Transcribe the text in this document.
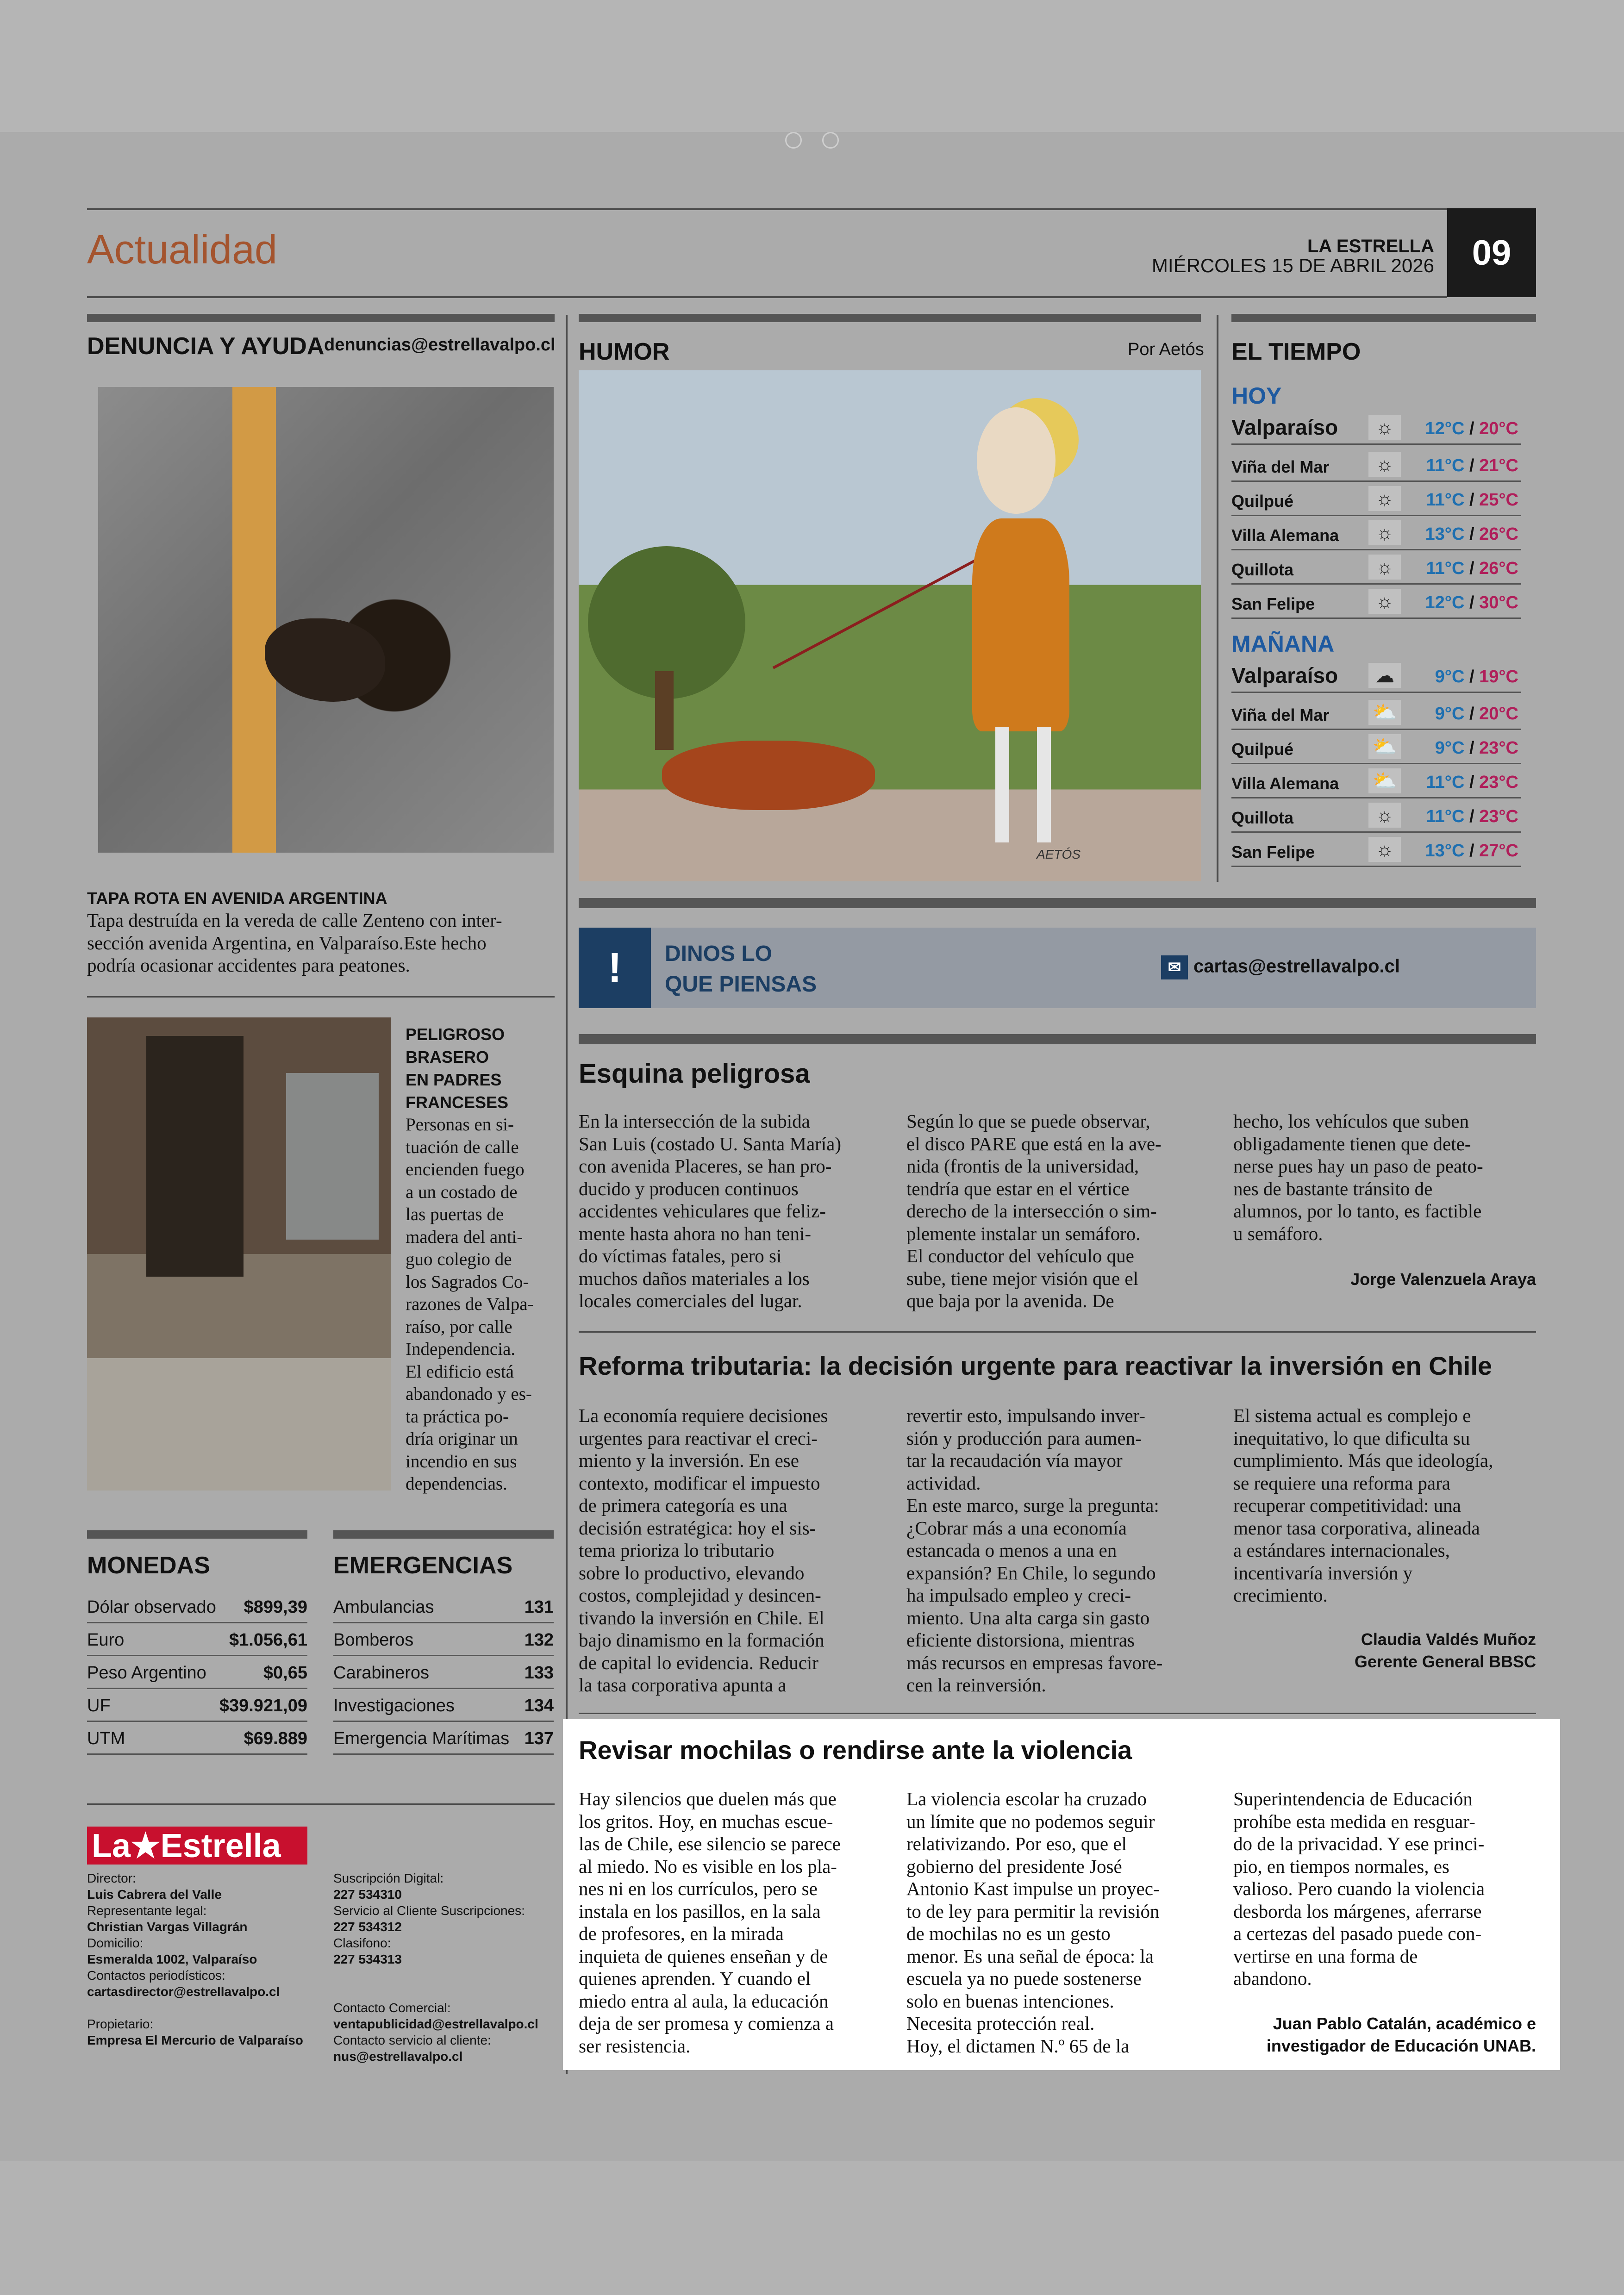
Actualidad	LA ESTRELLA
MIÉRCOLES 15 DE ABRIL 2026	09
DENUNCIA Y AYUDA denuncias@estrellavalpo.cl
TAPA ROTA EN AVENIDA ARGENTINA
Tapa destruída en la vereda de calle Zenteno con inter-
sección avenida Argentina, en Valparaíso.Este hecho
podría ocasionar accidentes para peatones.
PELIGROSO
BRASERO
EN PADRES
FRANCESES
Personas en si-
tuación de calle
encienden fuego
a un costado de
las puertas de
madera del anti-
guo colegio de
los Sagrados Co-
razones de Valpa-
raíso, por calle
Independencia.
El edificio está
abandonado y es-
ta práctica po-
dría originar un
incendio en sus
dependencias.
HUMOR	Por Aetós
AETÓS
EL TIEMPO
HOY
MAÑANA
Valparaíso	☼	12°C / 20°C
Viña del Mar	☼	11°C / 21°C
Quilpué	☼	11°C / 25°C
Villa Alemana	☼	13°C / 26°C
Quillota	☼	11°C / 26°C
San Felipe	☼	12°C / 30°C
Valparaíso	☁	9°C / 19°C
Viña del Mar ⛅ 9°C / 20°C
Quilpué	⛅ 9°C / 23°C
Villa Alemana ⛅ 11°C / 23°C
Quillota	☼	11°C / 23°C
San Felipe	☼	13°C / 27°C
!	DINOS LO
QUE PIENSAS
✉ cartas@estrellavalpo.cl
Esquina peligrosa
En la intersección de la subida
San Luis (costado U. Santa María)
con avenida Placeres, se han pro-
ducido y producen continuos
accidentes vehiculares que feliz-
mente hasta ahora no han teni-
do víctimas fatales, pero si
muchos daños materiales a los
locales comerciales del lugar.
Según lo que se puede observar,
el disco PARE que está en la ave-
nida (frontis de la universidad,
tendría que estar en el vértice
derecho de la intersección o sim-
plemente instalar un semáforo.
El conductor del vehículo que
sube, tiene mejor visión que el
que baja por la avenida. De
hecho, los vehículos que suben
obligadamente tienen que dete-
nerse pues hay un paso de peato-
nes de bastante tránsito de
alumnos, por lo tanto, es factible
u semáforo.
Jorge Valenzuela Araya
Reforma tributaria: la decisión urgente para reactivar la inversión en Chile
La economía requiere decisiones
urgentes para reactivar el creci-
miento y la inversión. En ese
contexto, modificar el impuesto
de primera categoría es una
decisión estratégica: hoy el sis-
tema prioriza lo tributario
sobre lo productivo, elevando
costos, complejidad y desincen-
tivando la inversión en Chile. El
bajo dinamismo en la formación
de capital lo evidencia. Reducir
la tasa corporativa apunta a
revertir esto, impulsando inver-
sión y producción para aumen-
tar la recaudación vía mayor
actividad.
En este marco, surge la pregunta:
¿Cobrar más a una economía
estancada o menos a una en
expansión? En Chile, lo segundo
ha impulsado empleo y creci-
miento. Una alta carga sin gasto
eficiente distorsiona, mientras
más recursos en empresas favore-
cen la reinversión.
El sistema actual es complejo e
inequitativo, lo que dificulta su
cumplimiento. Más que ideología,
se requiere una reforma para
recuperar competitividad: una
menor tasa corporativa, alineada
a estándares internacionales,
incentivaría inversión y
crecimiento.
Claudia Valdés Muñoz
Gerente General BBSC
Revisar mochilas o rendirse ante la violencia
Hay silencios que duelen más que
los gritos. Hoy, en muchas escue-
las de Chile, ese silencio se parece
al miedo. No es visible en los pla-
nes ni en los currículos, pero se
instala en los pasillos, en la sala
de profesores, en la mirada
inquieta de quienes enseñan y de
quienes aprenden. Y cuando el
miedo entra al aula, la educación
deja de ser promesa y comienza a
ser resistencia.
La violencia escolar ha cruzado
un límite que no podemos seguir
relativizando. Por eso, que el
gobierno del presidente José
Antonio Kast impulse un proyec-
to de ley para permitir la revisión
de mochilas no es un gesto
menor. Es una señal de época: la
escuela ya no puede sostenerse
solo en buenas intenciones.
Necesita protección real.
Hoy, el dictamen N.º 65 de la
Superintendencia de Educación
prohíbe esta medida en resguar-
do de la privacidad. Y ese princi-
pio, en tiempos normales, es
valioso. Pero cuando la violencia
desborda los márgenes, aferrarse
a certezas del pasado puede con-
vertirse en una forma de
abandono.
Juan Pablo Catalán, académico e
investigador de Educación UNAB.
MONEDAS
Dólar observado $899,39
Euro	$1.056,61
Peso Argentino	$0,65
UF	$39.921,09
UTM	$69.889
EMERGENCIAS
Ambulancias	131
Bomberos	132
Carabineros	133
Investigaciones	134
Emergencia Marítimas 137
La★Estrella
Director:
Luis Cabrera del Valle
Representante legal:
Christian Vargas Villagrán
Domicilio:
Esmeralda 1002, Valparaíso
Contactos periodísticos:
cartasdirector@estrellavalpo.cl
Propietario:
Empresa El Mercurio de Valparaíso
Suscripción Digital:
227 534310
Servicio al Cliente Suscripciones:
227 534312
Clasifono:
227 534313
Contacto Comercial:
ventapublicidad@estrellavalpo.cl
Contacto servicio al cliente:
nus@estrellavalpo.cl
